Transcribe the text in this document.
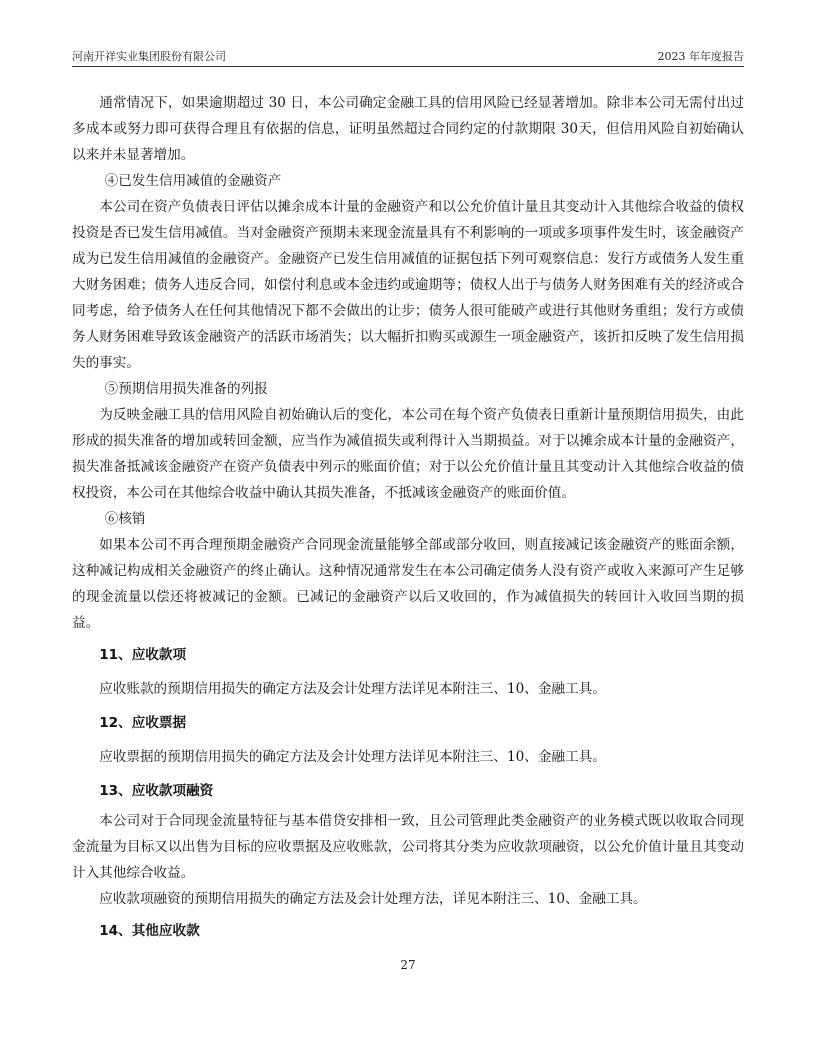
河南开祥实业集团股份有限公司	2023 年年度报告

通常情况下，如果逾期超过 30 日，本公司确定金融工具的信用风险已经显著增加。除非本公司无需付出过多成本或努力即可获得合理且有依据的信息，证明虽然超过合同约定的付款期限 30天，但信用风险自初始确认以来并未显著增加。

④已发生信用减值的金融资产

本公司在资产负债表日评估以摊余成本计量的金融资产和以公允价值计量且其变动计入其他综合收益的债权投资是否已发生信用减值。当对金融资产预期未来现金流量具有不利影响的一项或多项事件发生时，该金融资产成为已发生信用减值的金融资产。金融资产已发生信用减值的证据包括下列可观察信息：发行方或债务人发生重大财务困难；债务人违反合同，如偿付利息或本金违约或逾期等；债权人出于与债务人财务困难有关的经济或合同考虑，给予债务人在任何其他情况下都不会做出的让步；债务人很可能破产或进行其他财务重组；发行方或债务人财务困难导致该金融资产的活跃市场消失；以大幅折扣购买或源生一项金融资产，该折扣反映了发生信用损失的事实。

⑤预期信用损失准备的列报

为反映金融工具的信用风险自初始确认后的变化，本公司在每个资产负债表日重新计量预期信用损失，由此形成的损失准备的增加或转回金额，应当作为减值损失或利得计入当期损益。对于以摊余成本计量的金融资产，损失准备抵减该金融资产在资产负债表中列示的账面价值；对于以公允价值计量且其变动计入其他综合收益的债权投资，本公司在其他综合收益中确认其损失准备，不抵减该金融资产的账面价值。

⑥核销

如果本公司不再合理预期金融资产合同现金流量能够全部或部分收回，则直接减记该金融资产的账面余额，这种减记构成相关金融资产的终止确认。这种情况通常发生在本公司确定债务人没有资产或收入来源可产生足够的现金流量以偿还将被减记的金额。已减记的金融资产以后又收回的，作为减值损失的转回计入收回当期的损益。

11、应收款项

应收账款的预期信用损失的确定方法及会计处理方法详见本附注三、10、金融工具。

12、应收票据

应收票据的预期信用损失的确定方法及会计处理方法详见本附注三、10、金融工具。

13、应收款项融资

本公司对于合同现金流量特征与基本借贷安排相一致，且公司管理此类金融资产的业务模式既以收取合同现金流量为目标又以出售为目标的应收票据及应收账款，公司将其分类为应收款项融资，以公允价值计量且其变动计入其他综合收益。

应收款项融资的预期信用损失的确定方法及会计处理方法，详见本附注三、10、金融工具。

14、其他应收款
27
